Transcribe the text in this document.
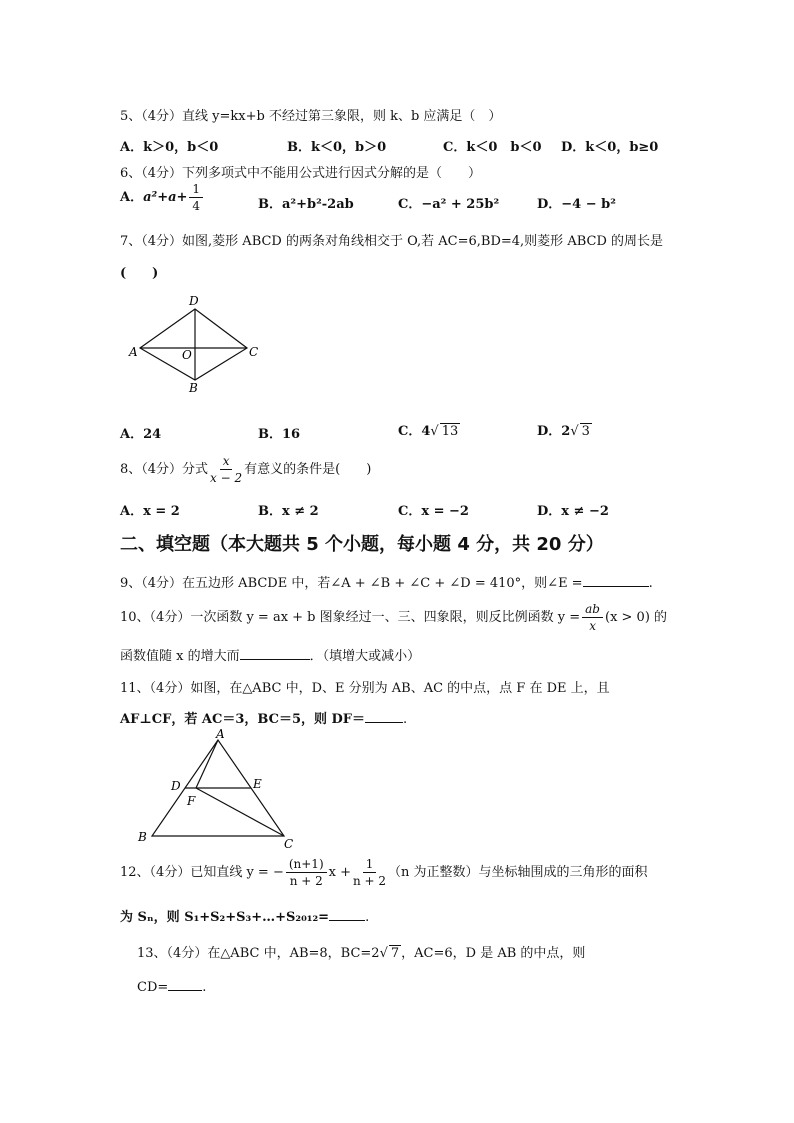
5、（4分）直线 y=kx+b 不经过第三象限，则 k、b 应满足（　）
A．k＞0，b＜0	B．k＜0，b＞0	C．k＜0　b＜0 D．k＜0，b≥0
6、（4分）下列多项式中不能用公式进行因式分解的是（　　）
A．$a^2+a+ \frac{1}{4}$	B．a²+b²-2ab	C．−a² + 25b²	D．−4 − b²
7、（4分）如图,菱形 ABCD 的两条对角线相交于 O,若 AC=6,BD=4,则菱形 ABCD 的周长是
(　　)
D
A	O	C
B
A．24	B．16	C．4√ 13	D．2√ 3
8、（4分）分式 $\frac{x}{x - 2}$ 有意义的条件是(　　)
A．x = 2	B．x ≠ 2	C．x = −2	D．x ≠ −2
二、填空题（本大题共 5 个小题，每小题 4 分，共 20 分）
9、（4分）在五边形 ABCDE 中，若∠A + ∠B + ∠C + ∠D = 410°，则∠E =	.
10、（4分）一次函数 y = ax + b 图象经过一、三、四象限，则反比例函数 $y = \frac{ab}{x} (x > 0)$ 的
函数值随 x 的增大而	．（填增大或减小）
11、（4分）如图，在△ABC 中，D、E 分别为 AB、AC 的中点，点 F 在 DE 上，且
AF⊥CF，若 AC＝3，BC＝5，则 DF＝	.
A
D	E
F
B	C
12、（4分）已知直线 y = − $\frac{(n+1)}{n + 2}$ $x + \frac{1}{n + 2} (n$ 为正整数）与坐标轴围成的三角形的面积
为 Sₙ，则 S₁+S₂+S₃+…+S₂₀₁₂=	.
13、（4分）在△ABC 中，AB=8，BC=2√ 7 ，AC=6，D 是 AB 的中点，则
CD=	.
